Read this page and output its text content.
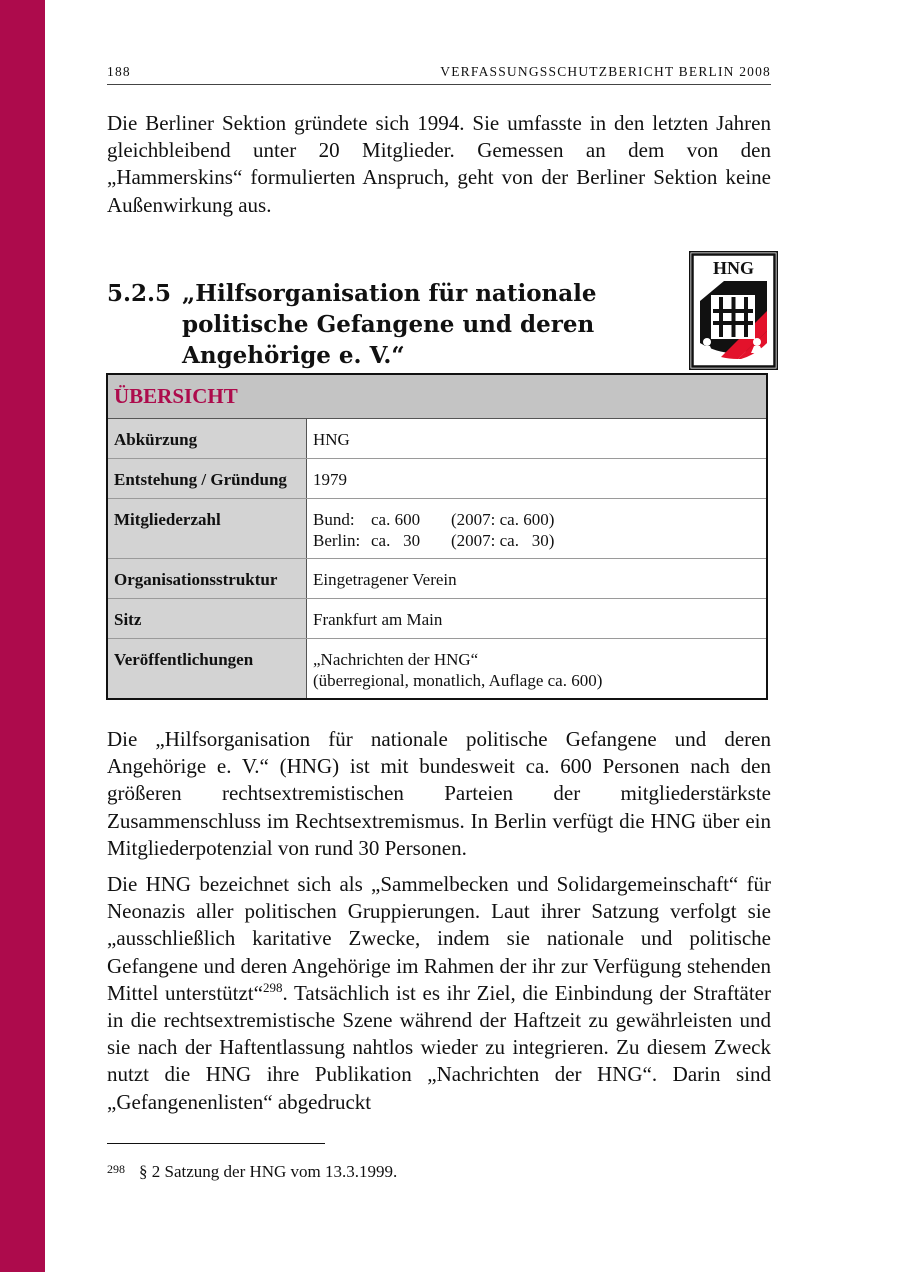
188	VERFASSUNGSSCHUTZBERICHT BERLIN 2008

Die Berliner Sektion gründete sich 1994. Sie umfasste in den letzten Jahren gleichbleibend unter 20 Mitglieder. Gemessen an dem von den „Hammerskins“ formulierten Anspruch, geht von der Berliner Sektion keine Außenwirkung aus.

5.2.5 „Hilfsorganisation für nationale politische Gefangene und deren Angehörige e. V.“
HNG
ÜBERSICHT	
Abkürzung	HNG
Entstehung / Gründung	1979
Mitgliederzahl	Bund: ca. 600 (2007: ca. 600)
Berlin: ca.   30 (2007: ca.   30)

Organisationsstruktur	Eingetragener Verein
Sitz	Frankfurt am Main
Veröffentlichungen	„Nachrichten der HNG“
(überregional, monatlich, Auflage ca. 600)

Die „Hilfsorganisation für nationale politische Gefangene und deren Angehörige e. V.“ (HNG) ist mit bundesweit ca. 600 Personen nach den größeren rechtsextremistischen Parteien der mitgliederstärkste Zusammenschluss im Rechtsextremismus. In Berlin verfügt die HNG über ein Mitgliederpotenzial von rund 30 Personen.

Die HNG bezeichnet sich als „Sammelbecken und Solidargemeinschaft“ für Neonazis aller politischen Gruppierungen. Laut ihrer Satzung verfolgt sie „ausschließlich karitative Zwecke, indem sie nationale und politische Gefangene und deren Angehörige im Rahmen der ihr zur Verfügung stehenden Mittel unterstützt“$^{298}$. Tatsächlich ist es ihr Ziel, die Einbindung der Straftäter in die rechtsextremistische Szene während der Haftzeit zu gewährleisten und sie nach der Haftentlassung nahtlos wieder zu integrieren. Zu diesem Zweck nutzt die HNG ihre Publikation „Nachrichten der HNG“. Darin sind „Gefangenenlisten“ abgedruckt

298 § 2 Satzung der HNG vom 13.3.1999.
